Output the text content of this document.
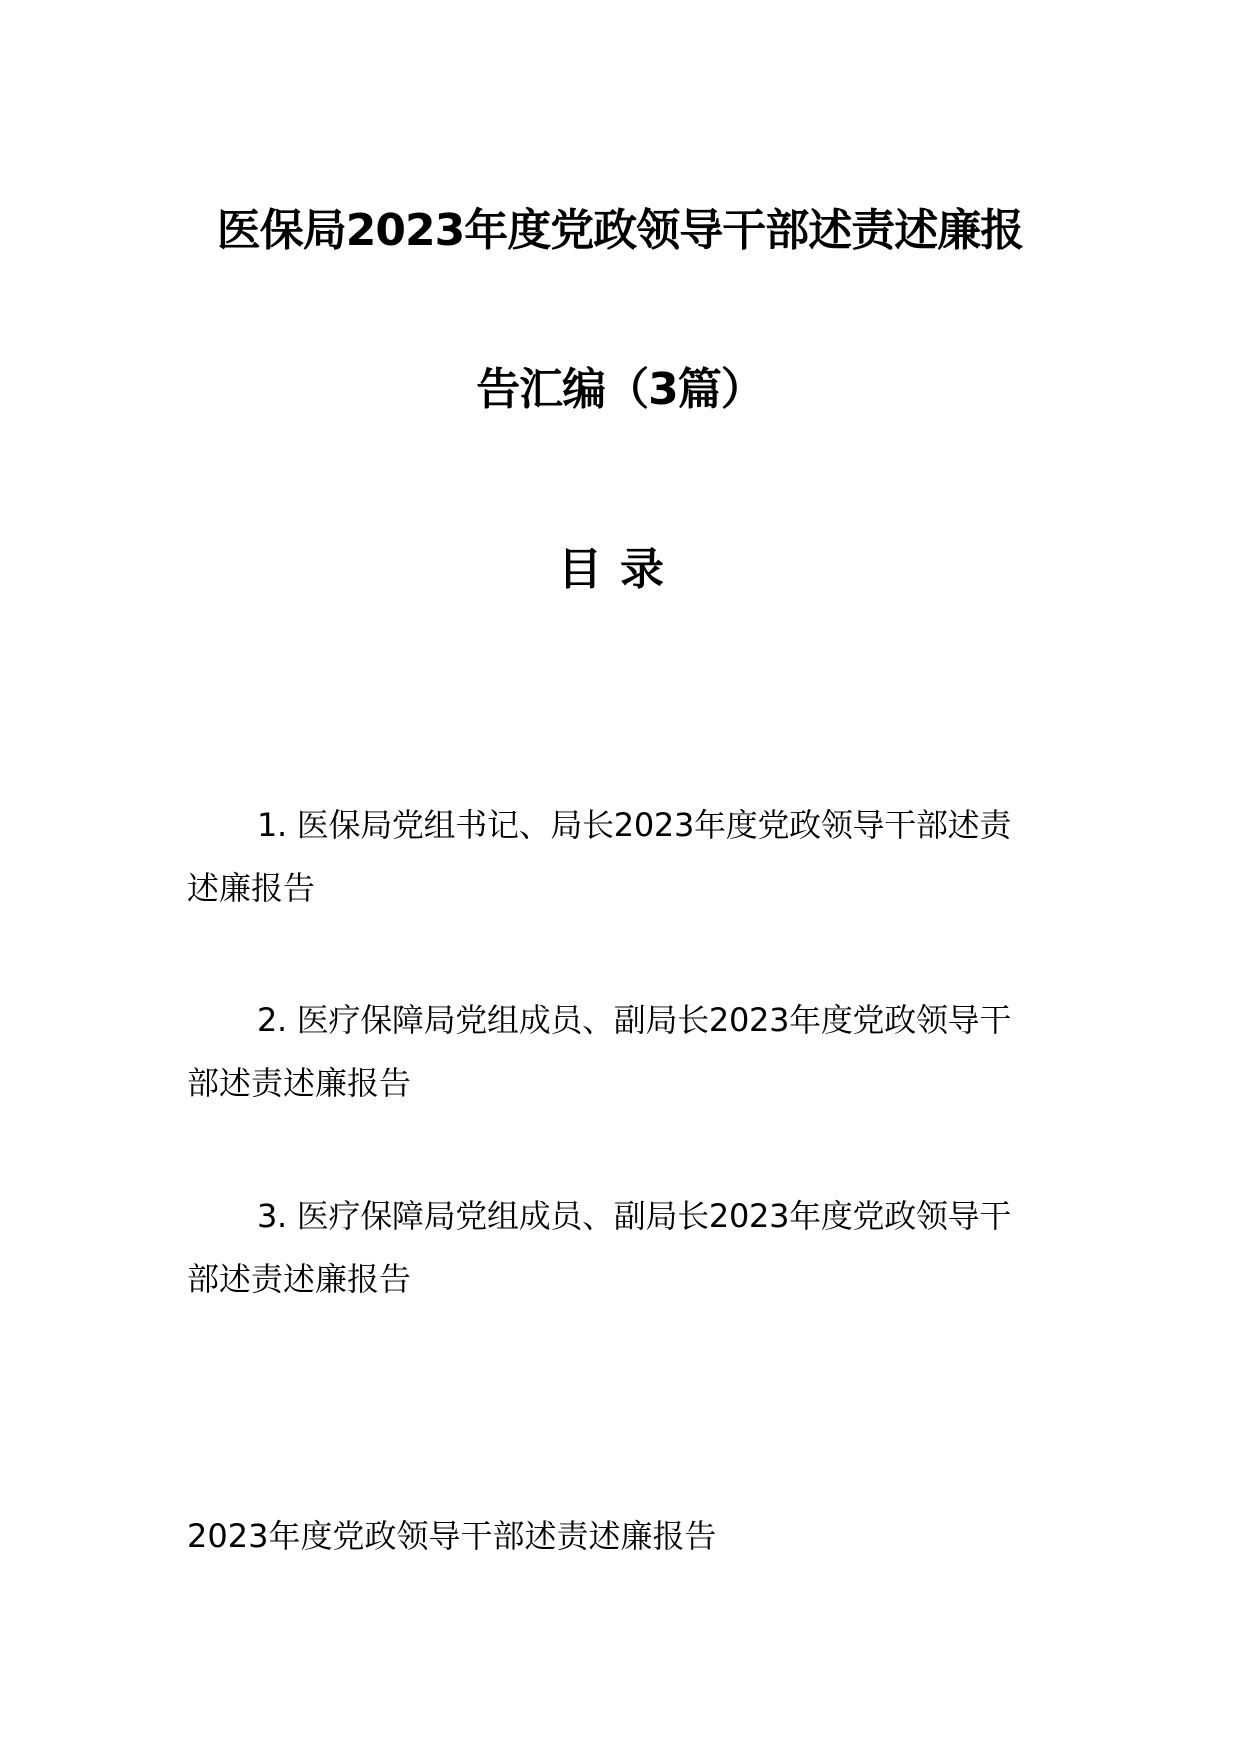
医保局2023年度党政领导干部述责述廉报
告汇编（3篇）
目录
1. 医保局党组书记、局长2023年度党政领导干部述责
述廉报告
2. 医疗保障局党组成员、副局长2023年度党政领导干
部述责述廉报告
3. 医疗保障局党组成员、副局长2023年度党政领导干
部述责述廉报告
2023年度党政领导干部述责述廉报告
